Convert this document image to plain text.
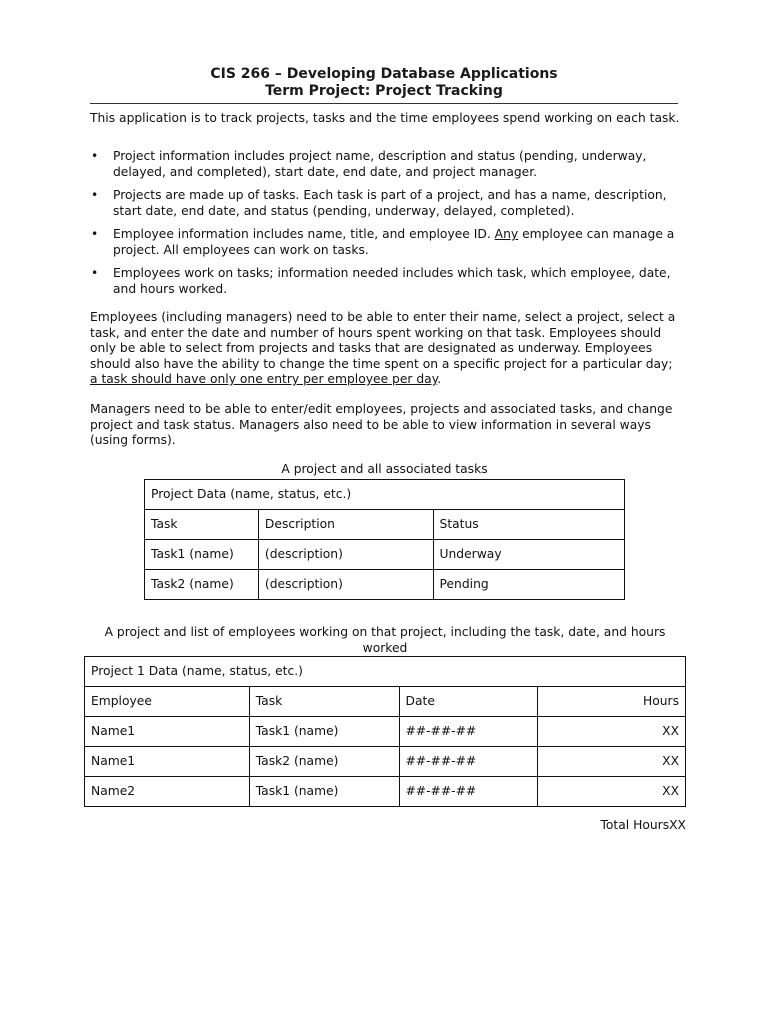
CIS 266 – Developing Database Applications
Term Project: Project Tracking
This application is to track projects, tasks and the time employees spend working on each task.
• Project information includes project name, description and status (pending, underway, delayed, and completed), start date, end date, and project manager.
• Projects are made up of tasks. Each task is part of a project, and has a name, description, start date, end date, and status (pending, underway, delayed, completed).
• Employee information includes name, title, and employee ID. Any employee can manage a project. All employees can work on tasks.
• Employees work on tasks; information needed includes which task, which employee, date, and hours worked.
Employees (including managers) need to be able to enter their name, select a project, select a task, and enter the date and number of hours spent working on that task. Employees should only be able to select from projects and tasks that are designated as underway. Employees should also have the ability to change the time spent on a specific project for a particular day; a task should have only one entry per employee per day.
Managers need to be able to enter/edit employees, projects and associated tasks, and change project and task status. Managers also need to be able to view information in several ways (using forms).
A project and all associated tasks
Project Data (name, status, etc.)		
Task	Description	Status
Task1 (name)	(description)	Underway
Task2 (name)	(description)	Pending
A project and list of employees working on that project, including the task, date, and hours worked
Project 1 Data (name, status, etc.)			
Employee	Task	Date	Hours
Name1	Task1 (name)	##-##-##	XX
Name1	Task2 (name)	##-##-##	XX
Name2	Task1 (name)	##-##-##	XX
Total HoursXX
